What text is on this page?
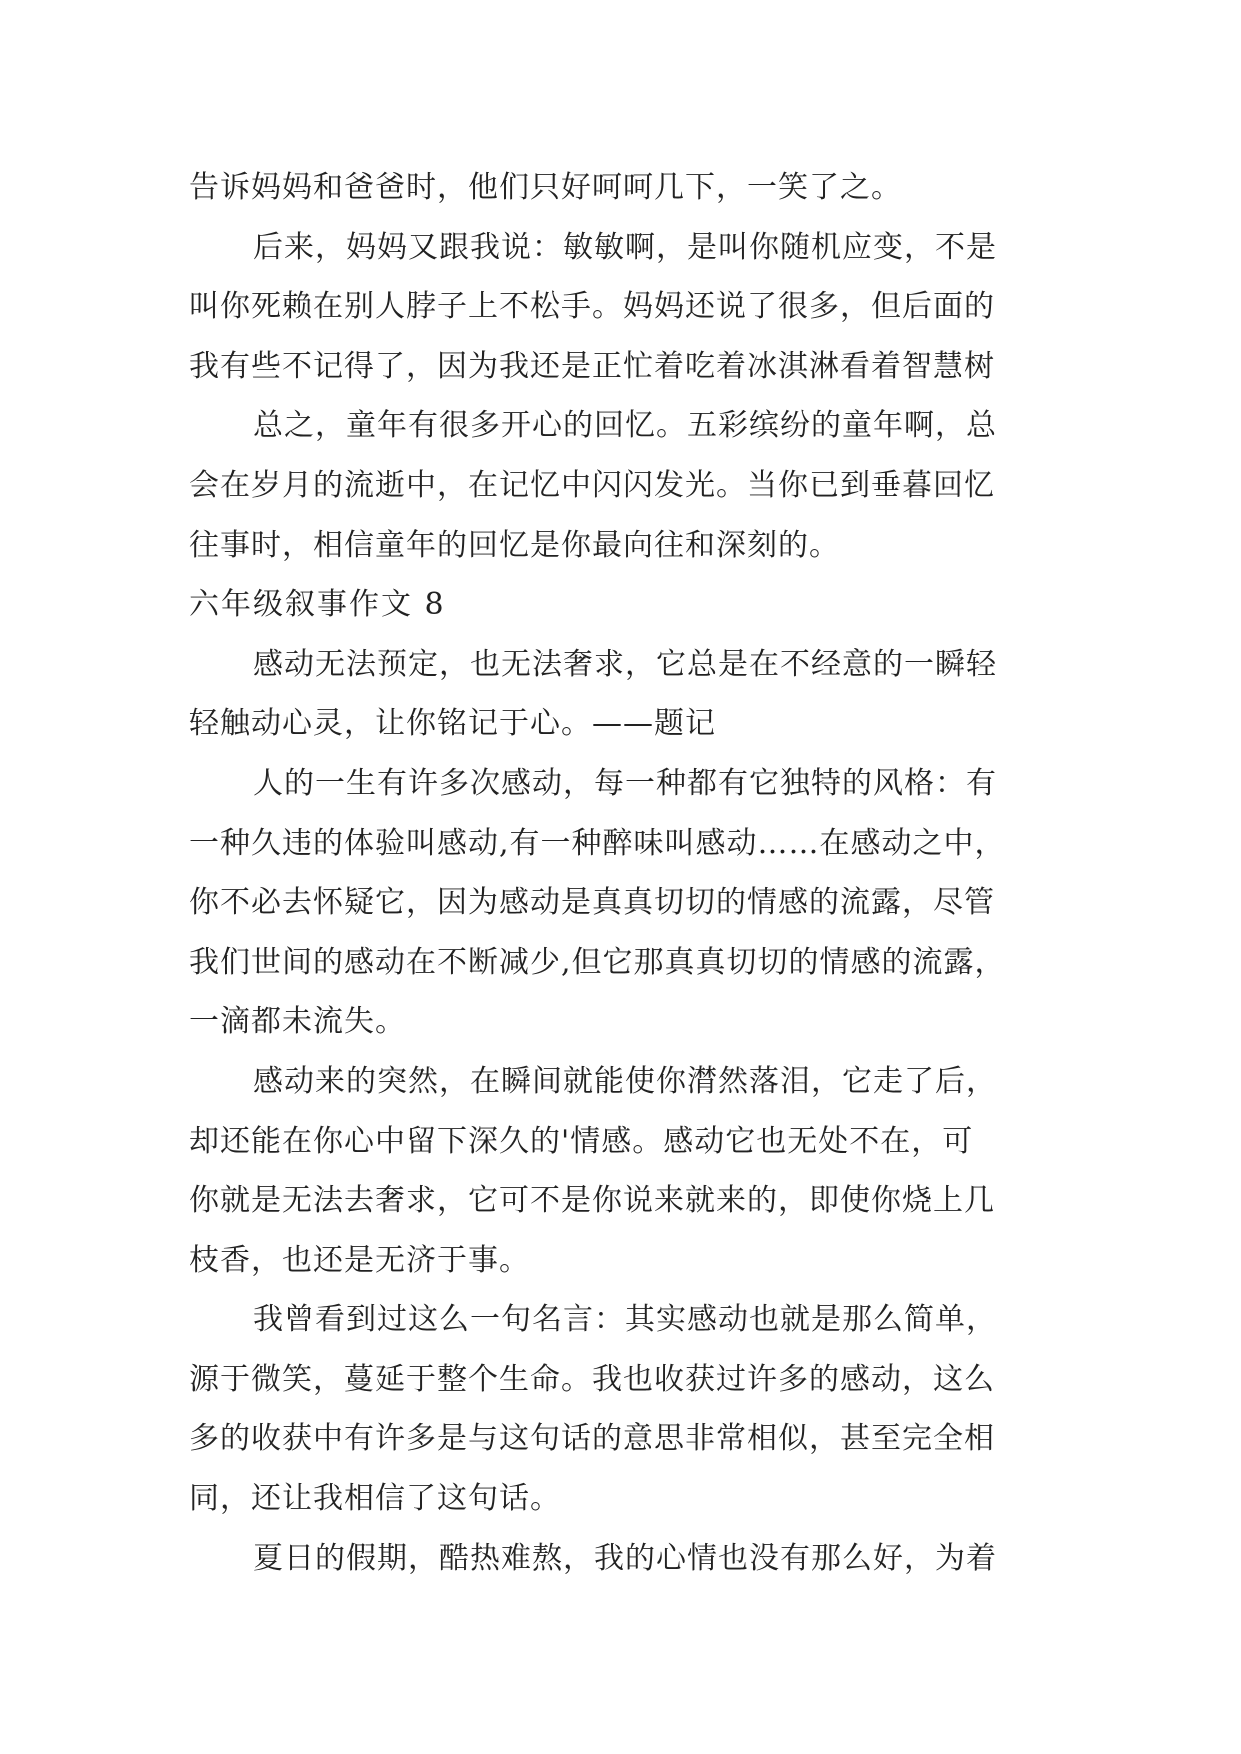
告诉妈妈和爸爸时，他们只好呵呵几下，一笑了之。
后来，妈妈又跟我说：敏敏啊，是叫你随机应变，不是
叫你死赖在别人脖子上不松手。妈妈还说了很多，但后面的
我有些不记得了，因为我还是正忙着吃着冰淇淋看着智慧树
总之，童年有很多开心的回忆。五彩缤纷的童年啊，总
会在岁月的流逝中，在记忆中闪闪发光。当你已到垂暮回忆
往事时，相信童年的回忆是你最向往和深刻的。
六年级叙事作文 8
感动无法预定，也无法奢求，它总是在不经意的一瞬轻
轻触动心灵，让你铭记于心。——题记
人的一生有许多次感动，每一种都有它独特的风格：有
一种久违的体验叫感动,有一种醉味叫感动……在感动之中，
你不必去怀疑它，因为感动是真真切切的情感的流露，尽管
我们世间的感动在不断减少,但它那真真切切的情感的流露，
一滴都未流失。
感动来的突然，在瞬间就能使你潸然落泪，它走了后，
却还能在你心中留下深久的'情感。感动它也无处不在，可
你就是无法去奢求，它可不是你说来就来的，即使你烧上几
枝香，也还是无济于事。
我曾看到过这么一句名言：其实感动也就是那么简单，
源于微笑，蔓延于整个生命。我也收获过许多的感动，这么
多的收获中有许多是与这句话的意思非常相似，甚至完全相
同，还让我相信了这句话。
夏日的假期，酷热难熬，我的心情也没有那么好，为着
